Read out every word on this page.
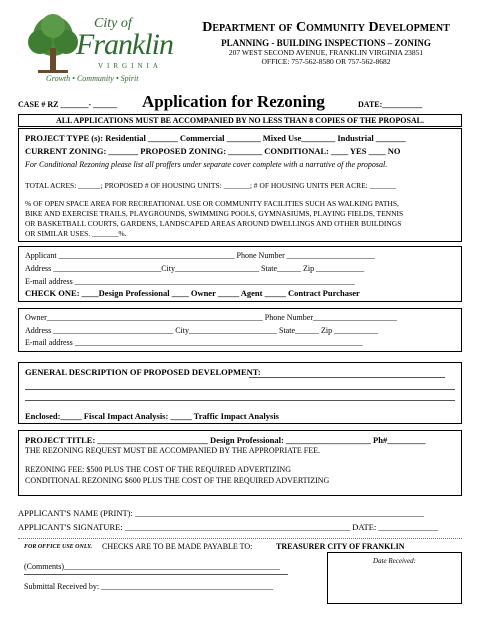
City of
Franklin
VIRGINIA
Growth • Community • Spirit
Department of Community Development
PLANNING - BUILDING INSPECTIONS – ZONING
207 WEST SECOND AVENUE, FRANKLIN VIRGINIA 23851
OFFICE: 757-562-8580 OR 757-562-8682
CASE # RZ _______- ______ Application for Rezoning	DATE:__________
ALL APPLICATIONS MUST BE ACCOMPANIED BY NO LESS THAN 8 COPIES OF THE PROPOSAL.
PROJECT TYPE (s): Residential _______ Commercial ________ Mixed Use________ Industrial _______
CURRENT ZONING: _______ PROPOSED ZONING: ________ CONDITIONAL: ____ YES ____ NO
For Conditional Rezoning please list all proffers under separate cover complete with a narrative of the proposal.
TOTAL ACRES: ______; PROPOSED # OF HOUSING UNITS: _______; # OF HOUSING UNITS PER ACRE: _______
% OF OPEN SPACE AREA FOR RECREATIONAL USE OR COMMUNITY FACILITIES SUCH AS WALKING PATHS,
BIKE AND EXERCISE TRAILS, PLAYGROUNDS, SWIMMING POOLS, GYMNASIUMS, PLAYING FIELDS, TENNIS
OR BASKETBALL COURTS, GARDENS, LANDSCAPED AREAS AROUND DWELLINGS AND OTHER BUILDINGS
OR SIMILAR USES. _______%.
Applicant ____________________________________________ Phone Number ______________________
Address ___________________________City_____________________ State______ Zip ____________
E-mail address ______________________________________________________________________
CHECK ONE: ____Design Professional ____ Owner _____ Agent _____ Contract Purchaser
Owner______________________________________________________ Phone Number_____________________
Address ______________________________ City______________________ State______ Zip ___________
E-mail address ________________________________________________________________________
GENERAL DESCRIPTION OF PROPOSED DEVELOPMENT:
Enclosed:_____ Fiscal Impact Analysis: _____ Traffic Impact Analysis
PROJECT TITLE: __________________________ Design Professional: ____________________ Ph#_________
THE REZONING REQUEST MUST BE ACCOMPANIED BY THE APPROPRIATE FEE.
REZONING FEE: $500 PLUS THE COST OF THE REQUIRED ADVERTIZING
CONDITIONAL REZONING $600 PLUS THE COST OF THE REQUIRED ADVERTIZING
APPLICANT'S NAME (PRINT): ____________________________________________________________________
APPLICANT'S SIGNATURE: _____________________________________________________ DATE: ______________
FOR OFFICE USE ONLY. CHECKS ARE TO BE MADE PAYABLE TO:	TREASURER CITY OF FRANKLIN
(Comments)______________________________________________________
Submittal Received by: ___________________________________________
Date Received:
